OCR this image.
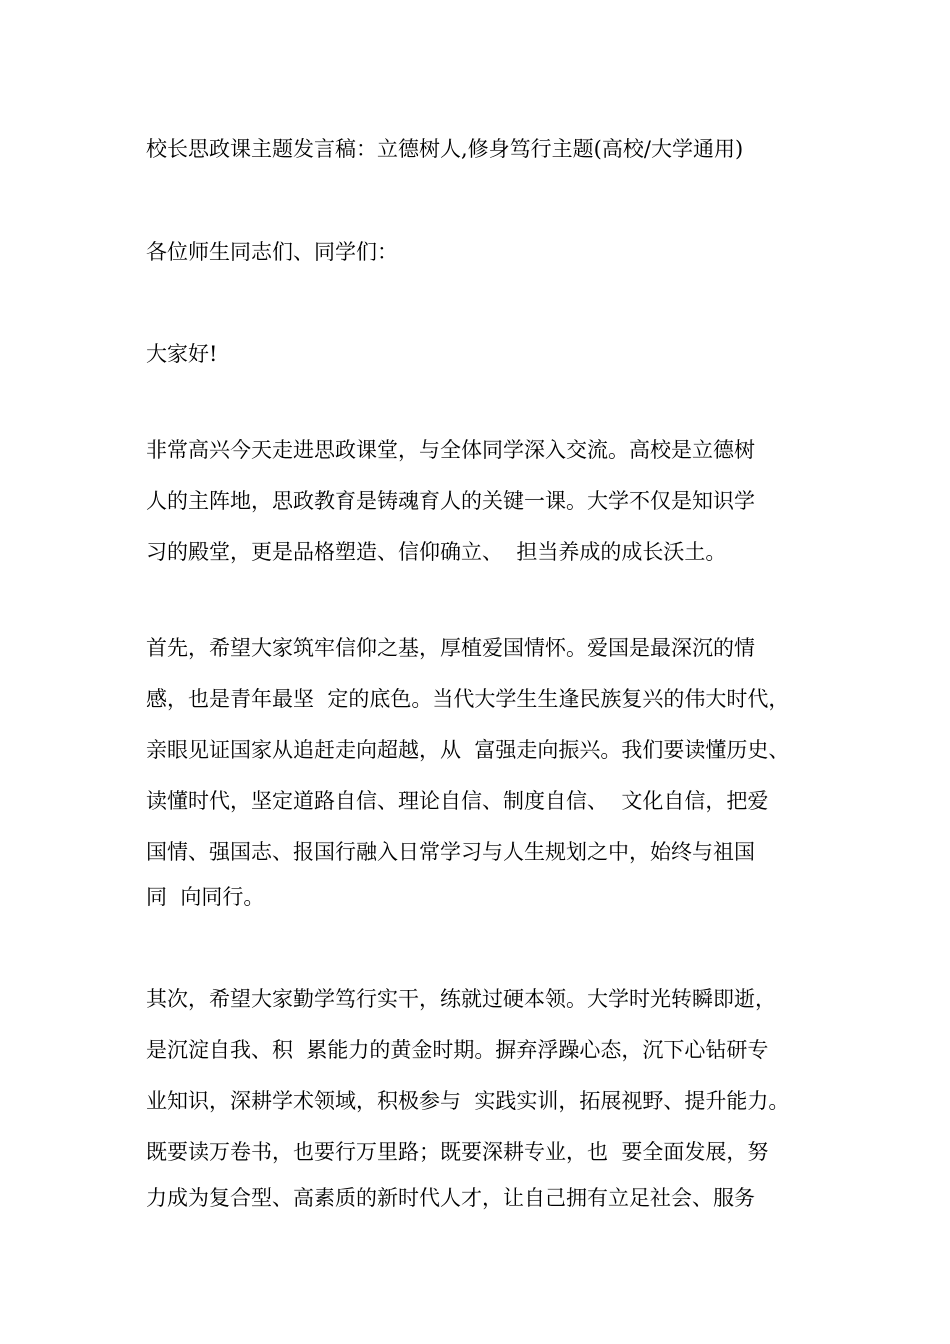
校长思政课主题发言稿：立德树人,修身笃行主题(高校/大学通用)

各位师生同志们、同学们：

大家好!

非常高兴今天走进思政课堂，与全体同学深入交流。高校是立德树

人的主阵地，思政教育是铸魂育人的关键一课。大学不仅是知识学

习的殿堂，更是品格塑造、信仰确立、  担当养成的成长沃土。

首先，希望大家筑牢信仰之基，厚植爱国情怀。爱国是最深沉的情

感，也是青年最坚  定的底色。当代大学生生逢民族复兴的伟大时代，

亲眼见证国家从追赶走向超越，从  富强走向振兴。我们要读懂历史、

读懂时代，坚定道路自信、理论自信、制度自信、  文化自信，把爱

国情、强国志、报国行融入日常学习与人生规划之中，始终与祖国

同  向同行。

其次，希望大家勤学笃行实干，练就过硬本领。大学时光转瞬即逝，

是沉淀自我、积  累能力的黄金时期。摒弃浮躁心态，沉下心钻研专

业知识，深耕学术领域，积极参与  实践实训，拓展视野、提升能力。

既要读万卷书，也要行万里路；既要深耕专业，也  要全面发展，努

力成为复合型、高素质的新时代人才，让自己拥有立足社会、服务
